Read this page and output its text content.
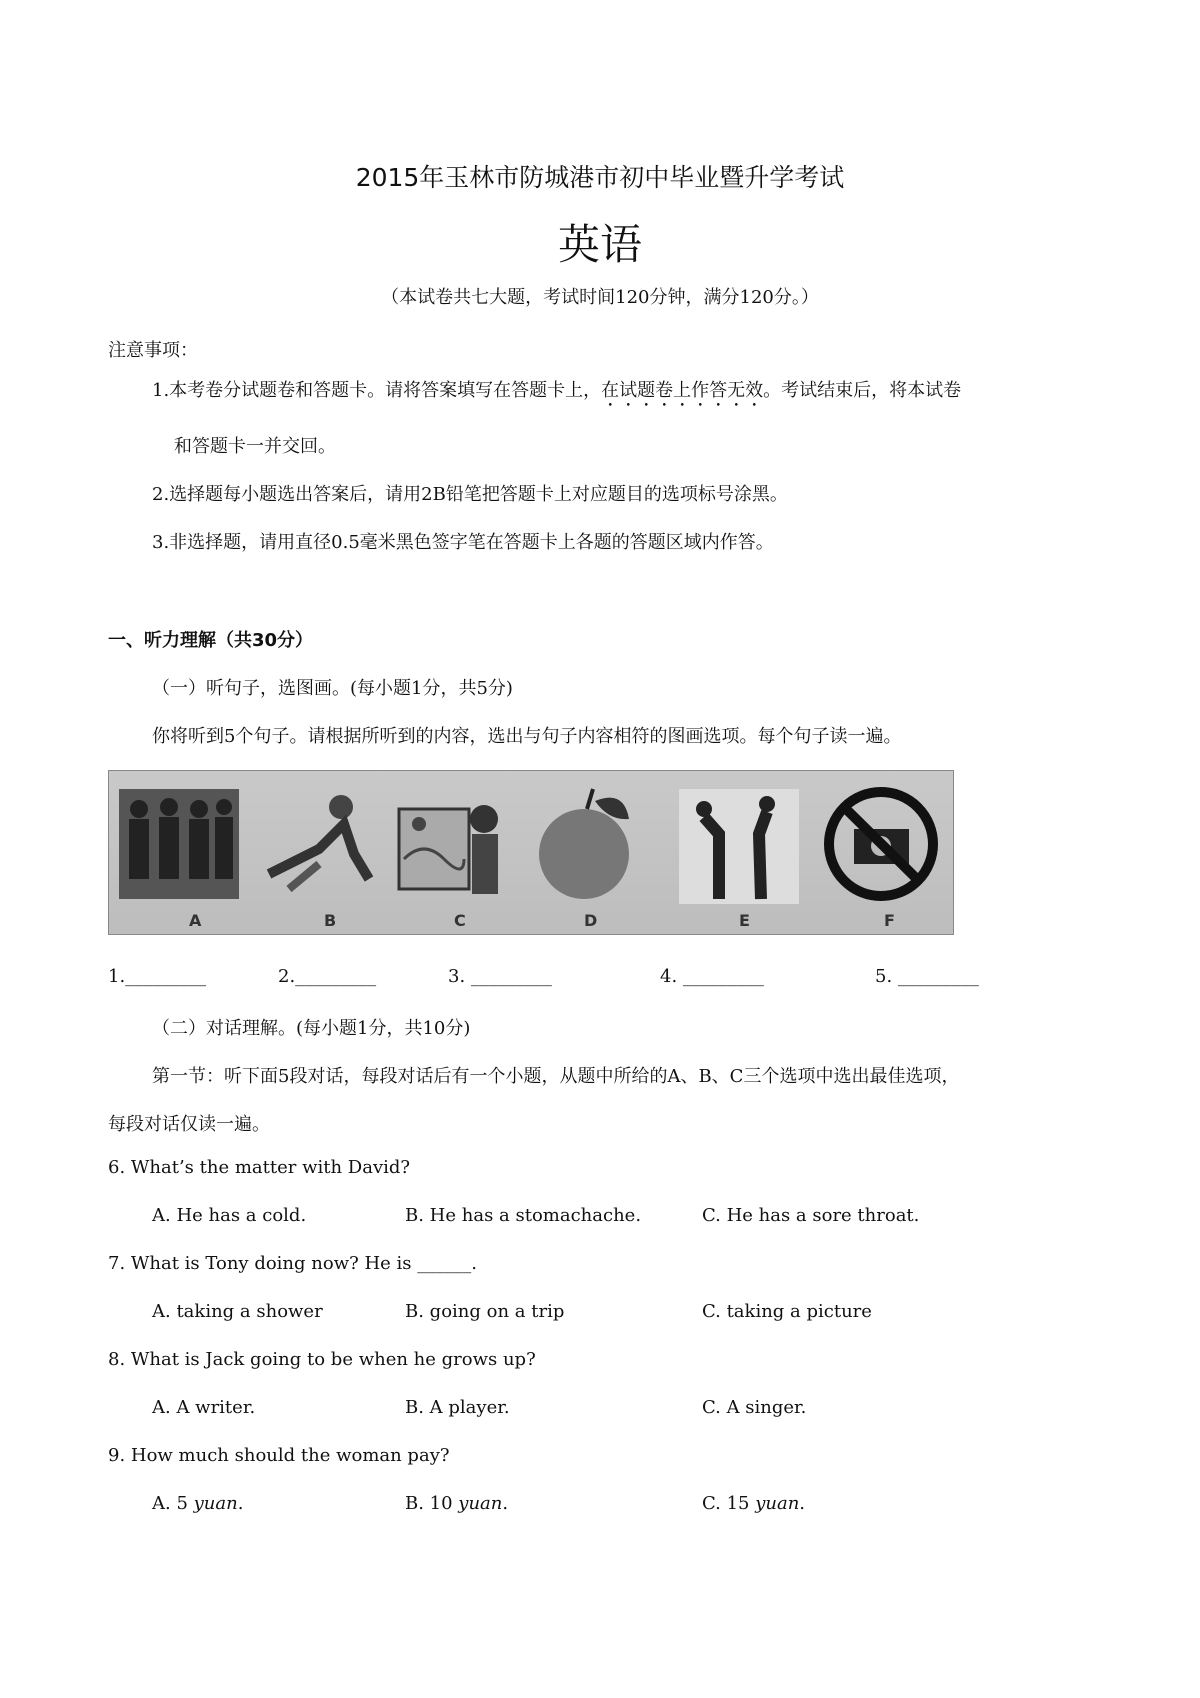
2015年玉林市防城港市初中毕业暨升学考试
英语
（本试卷共七大题，考试时间120分钟，满分120分。）
注意事项：
1.本考卷分试题卷和答题卡。请将答案填写在答题卡上，在试题卷上作答无效。考试结束后，将本试卷
和答题卡一并交回。
2.选择题每小题选出答案后，请用2B铅笔把答题卡上对应题目的选项标号涂黑。
3.非选择题，请用直径0.5毫米黑色签字笔在答题卡上各题的答题区域内作答。
一、听力理解（共30分）
（一）听句子，选图画。(每小题1分，共5分)
你将听到5个句子。请根据所听到的内容，选出与句子内容相符的图画选项。每个句子读一遍。
A	B	C	D	E	F
1._________	2._________	3. _________	4. _________	5. _________
（二）对话理解。(每小题1分，共10分)
第一节：听下面5段对话，每段对话后有一个小题，从题中所给的A、B、C三个选项中选出最佳选项，
每段对话仅读一遍。
6. What’s the matter with David?
A. He has a cold.	B. He has a stomachache.	C. He has a sore throat.
7. What is Tony doing now? He is ______.
A. taking a shower	B. going on a trip	C. taking a picture
8. What is Jack going to be when he grows up?
A. A writer.	B. A player.	C. A singer.
9. How much should the woman pay?
A. 5 yuan.	B. 10 yuan.	C. 15 yuan.
